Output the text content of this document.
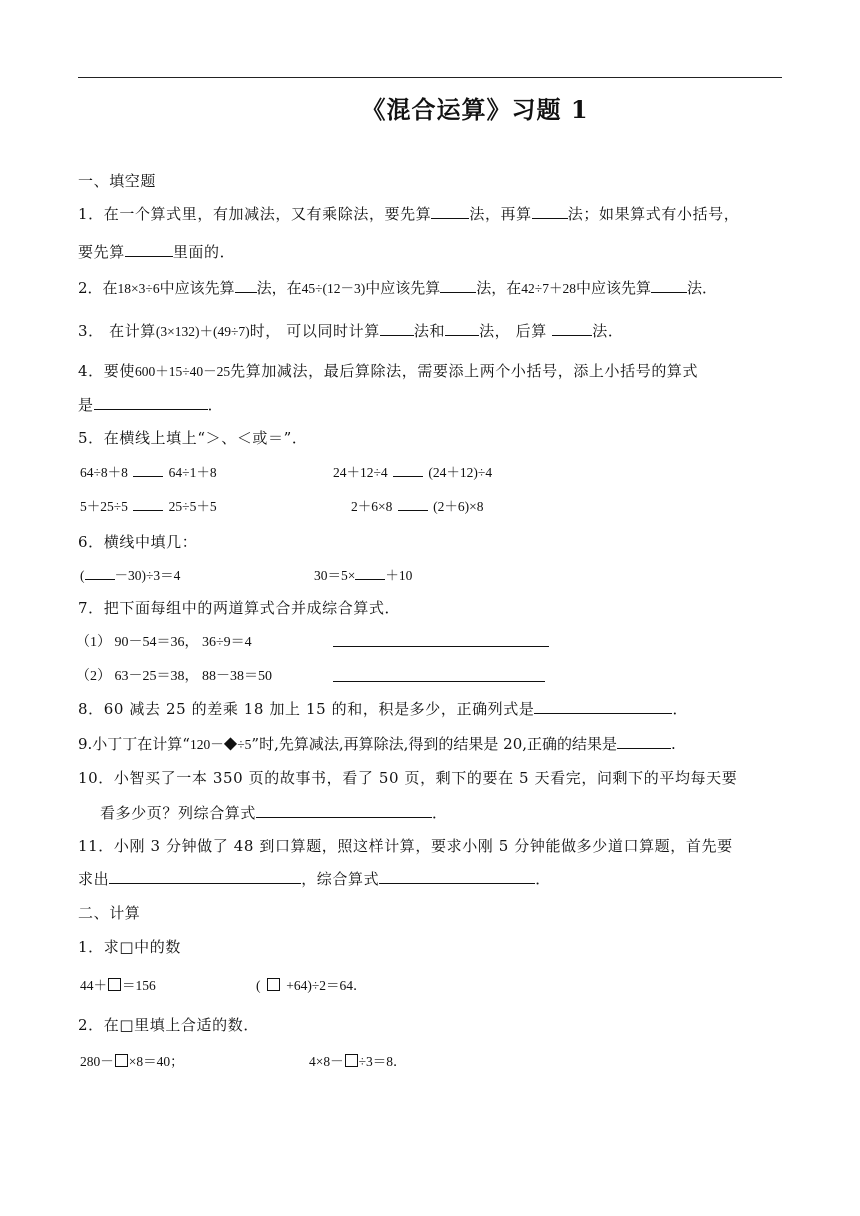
《混合运算》习题 1
一、填空题
1．在一个算式里，有加减法，又有乘除法，要先算	法，再算 法；如果算式有小括号，
要先算	里面的．
2．在18×3÷6中应该先算 法，在45÷(12－3)中应该先算 法，在42÷7＋28中应该先算 法．
3． 在计算(3×132)＋(49÷7)时， 可以同时计算 法和 法， 后算	法．
4．要使600＋15÷40－25先算加减法，最后算除法，需要添上两个小括号，添上小括号的算式
是	．
5．在横线上填上“＞、＜或＝”．
64÷8＋8	64÷1＋8	24＋12÷4	(24＋12)÷4
5＋25÷5	25÷5＋5	2＋6×8	(2＋6)×8
6．横线中填几：
( －30)÷3＝4	30＝5× ＋10
7．把下面每组中的两道算式合并成综合算式．
（1） 90－54＝36， 36÷9＝4
（2） 63－25＝38， 88－38＝50
8．60 减去 25 的差乘 18 加上 15 的和，积是多少，正确列式是	．
9.小丁丁在计算“120－◆÷5”时,先算减法,再算除法,得到的结果是 20,正确的结果是	.
10．小智买了一本 350 页的故事书，看了 50 页，剩下的要在 5 天看完，问剩下的平均每天要
看多少页？列综合算式	．
11．小刚 3 分钟做了 48 到口算题，照这样计算，要求小刚 5 分钟能做多少道口算题，首先要
求出	，综合算式	．
二、计算
1．求□中的数
44＋ ＝156	( +64)÷2＝64．
2．在□里填上合适的数．
280－ ×8＝40；	4×8－ ÷3＝8．
